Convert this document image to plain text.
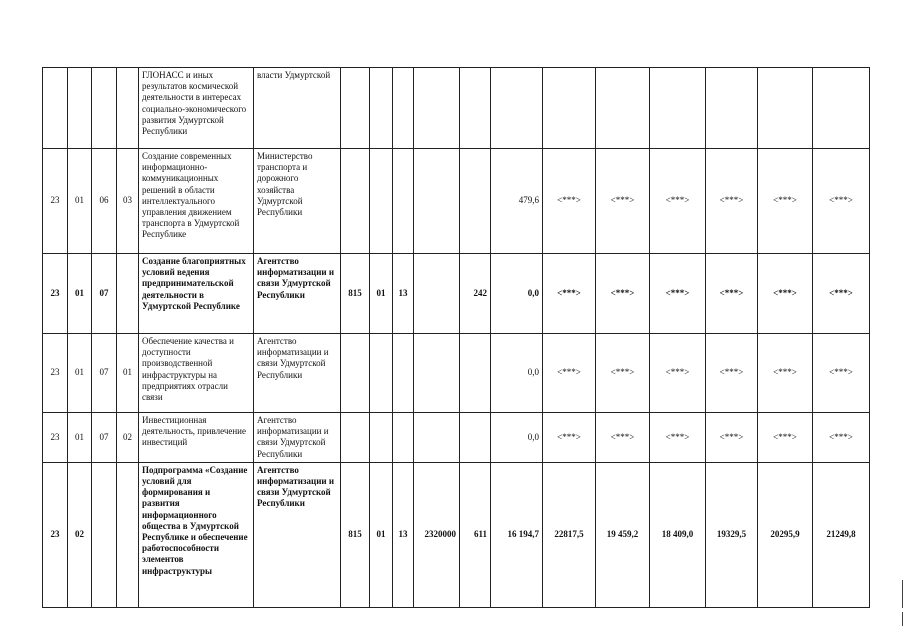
				ГЛОНАСС и иных результатов космической деятельности в интересах социально-экономического развития Удмуртской Республики	власти Удмуртской												
23	01	06	03	Создание современных информационно-коммуникационных решений в области интеллектуального управления движением транспорта в Удмуртской Республике	Министерство транспорта и дорожного хозяйства Удмуртской Республики						479,6	<***>	<***>	<***>	<***>	<***>	<***>
23	01	07		Создание благоприятных условий ведения предпринимательской деятельности в Удмуртской Республике	Агентство информатизации и связи Удмуртской Республики	815	01	13		242	0,0	<***>	<***>	<***>	<***>	<***>	<***>
23	01	07	01	Обеспечение качества и доступности производственной инфраструктуры на предприятиях отрасли связи	Агентство информатизации и связи Удмуртской Республики						0,0	<***>	<***>	<***>	<***>	<***>	<***>
23	01	07	02	Инвестиционная деятельность, привлечение инвестиций	Агентство информатизации и связи Удмуртской Республики						0,0	<***>	<***>	<***>	<***>	<***>	<***>
23	02			Подпрограмма «Создание условий для формирования и развития информационного общества в Удмуртской Республике и обеспечение работоспособности элементов инфраструктуры	Агентство информатизации и связи Удмуртской Республики	815	01	13	2320000	611	16 194,7	22817,5	19 459,2	18 409,0	19329,5	20295,9	21249,8
